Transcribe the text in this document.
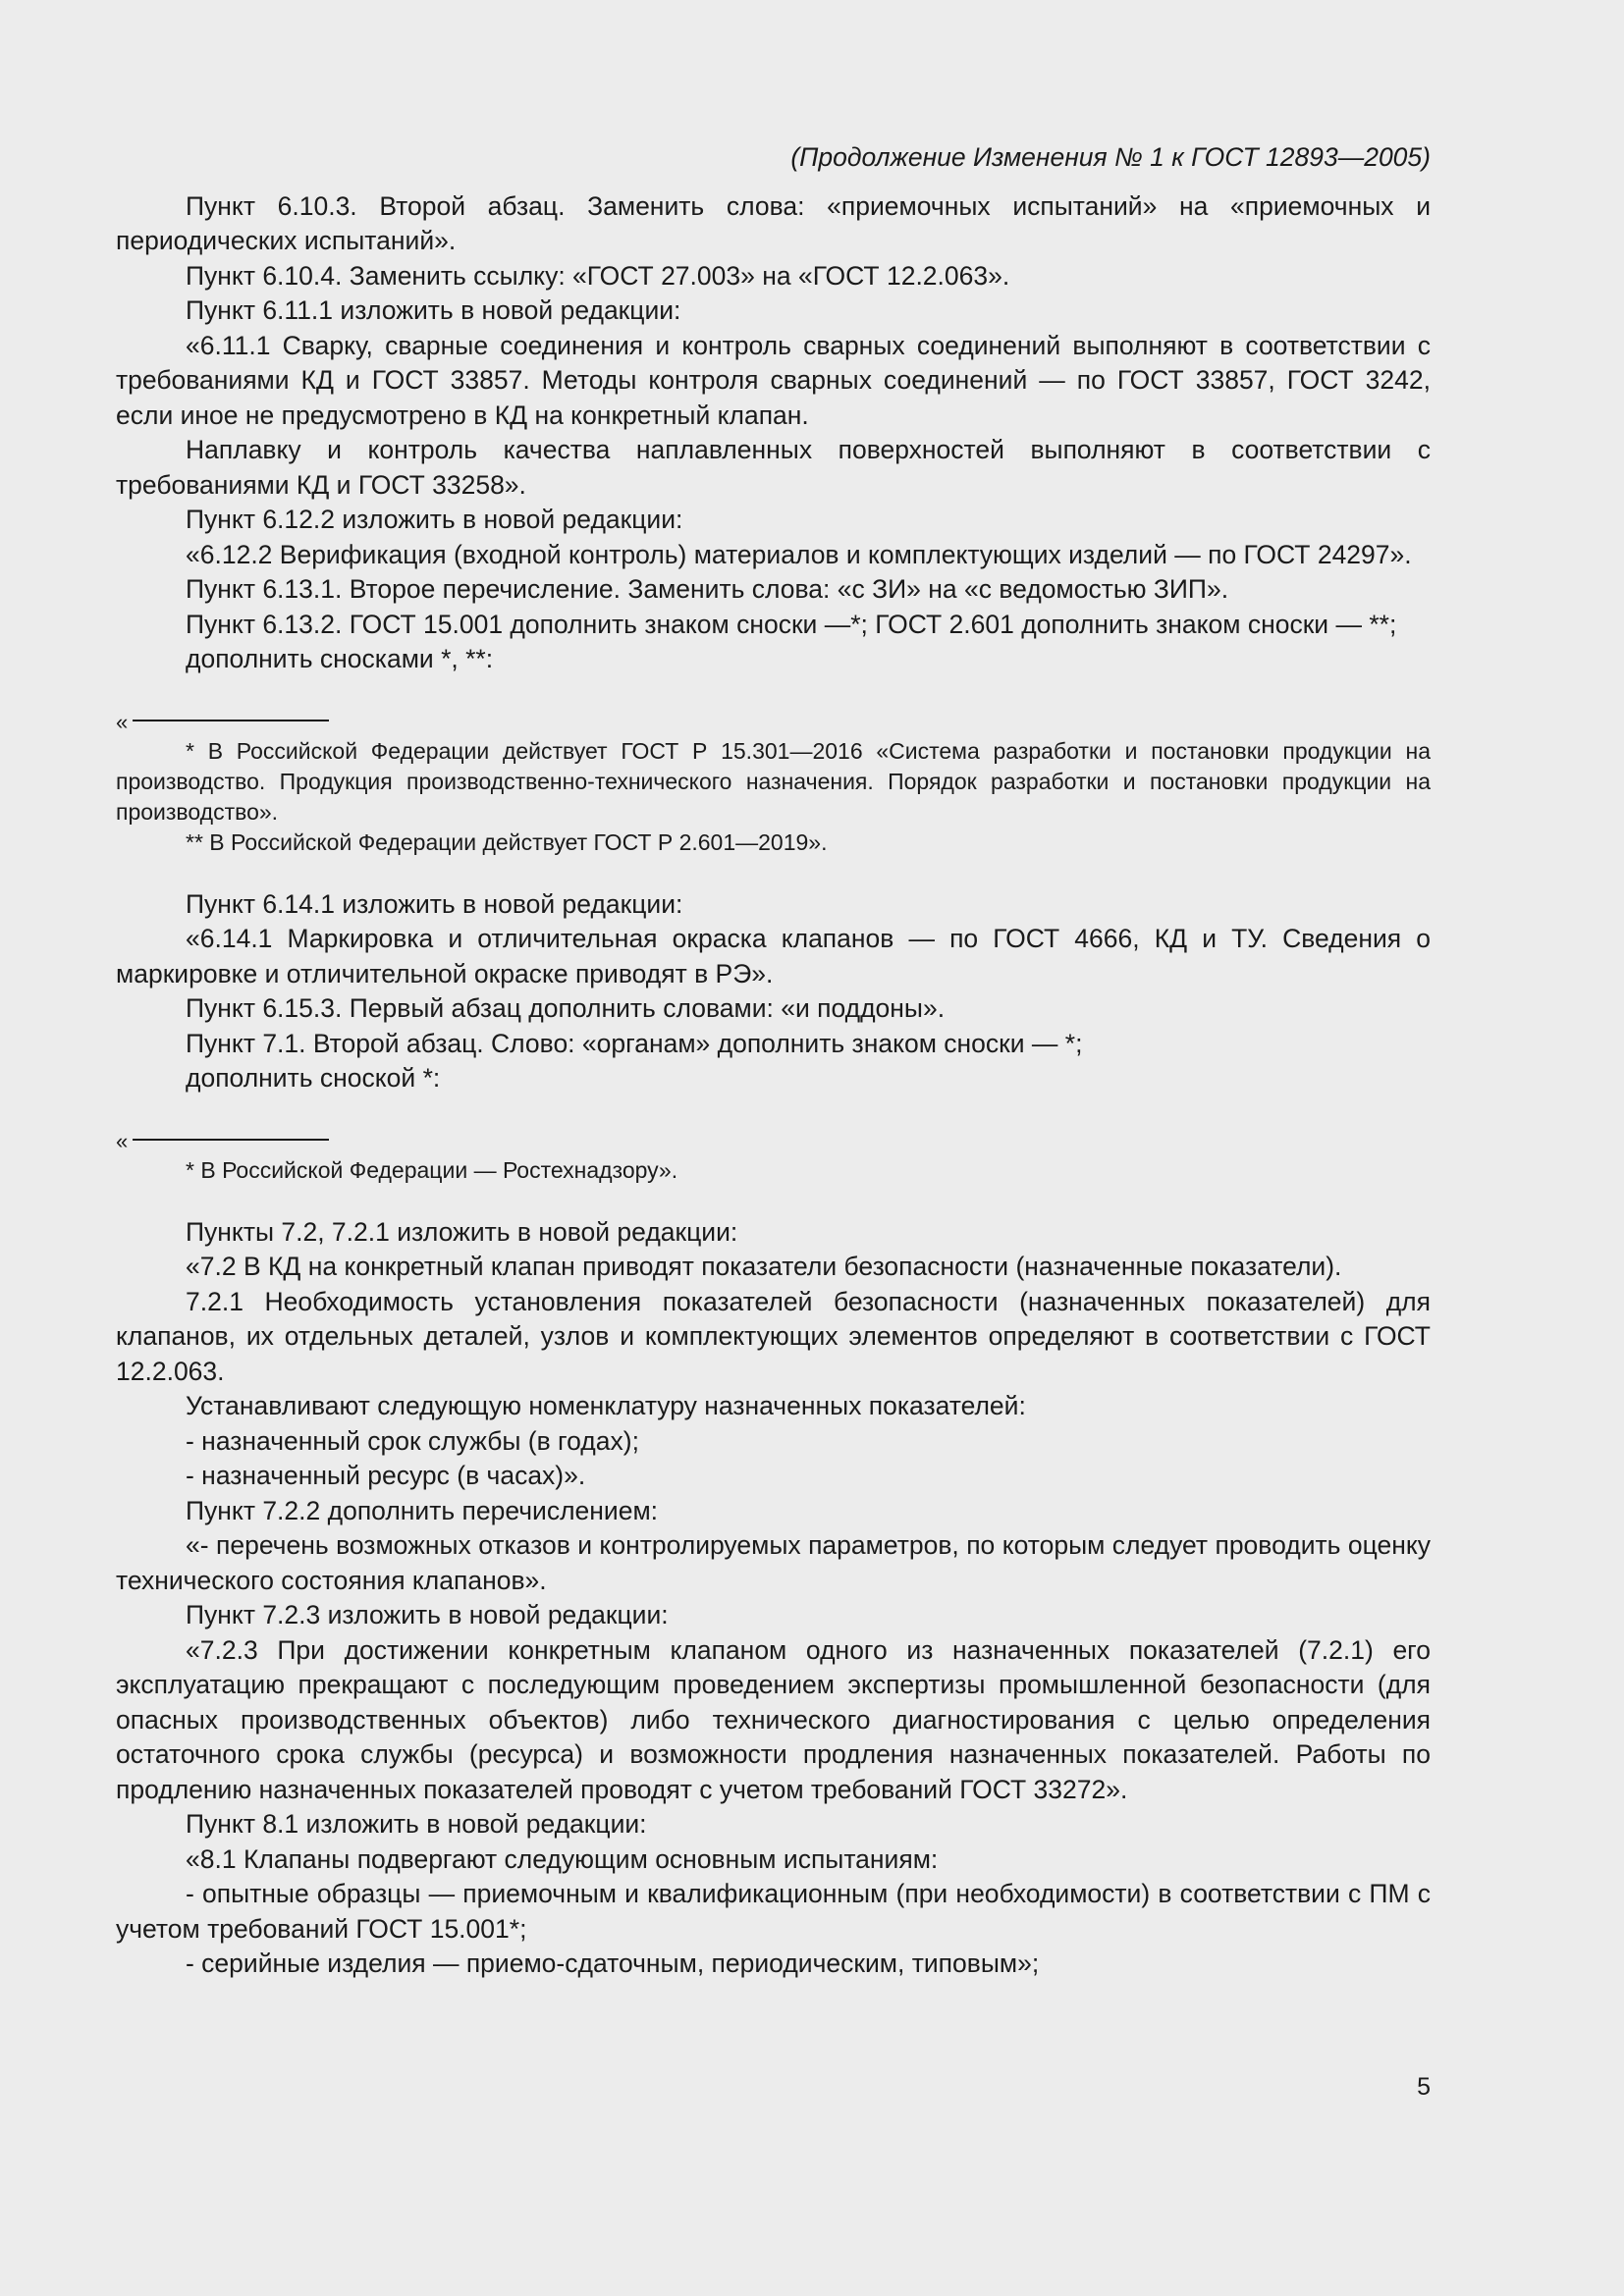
(Продолжение Изменения № 1 к ГОСТ 12893—2005)

Пункт 6.10.3. Второй абзац. Заменить слова: «приемочных испытаний» на «приемочных и периодических испытаний».

Пункт 6.10.4. Заменить ссылку: «ГОСТ 27.003» на «ГОСТ 12.2.063».

Пункт 6.11.1 изложить в новой редакции:

«6.11.1 Сварку, сварные соединения и контроль сварных соединений выполняют в соответствии с требованиями КД и ГОСТ 33857. Методы контроля сварных соединений — по ГОСТ 33857, ГОСТ 3242, если иное не предусмотрено в КД на конкретный клапан.

Наплавку и контроль качества наплавленных поверхностей выполняют в соответствии с требованиями КД и ГОСТ 33258».

Пункт 6.12.2 изложить в новой редакции:

«6.12.2 Верификация (входной контроль) материалов и комплектующих изделий — по ГОСТ 24297».

Пункт 6.13.1. Второе перечисление. Заменить слова: «с ЗИ» на «с ведомостью ЗИП».

Пункт 6.13.2. ГОСТ 15.001 дополнить знаком сноски —*; ГОСТ 2.601 дополнить знаком сноски — **;

дополнить сносками *, **:

«

* В Российской Федерации действует ГОСТ Р 15.301—2016 «Система разработки и постановки продукции на производство. Продукция производственно-технического назначения. Порядок разработки и постановки продукции на производство».

** В Российской Федерации действует ГОСТ Р 2.601—2019».

Пункт 6.14.1 изложить в новой редакции:

«6.14.1 Маркировка и отличительная окраска клапанов — по ГОСТ 4666, КД и ТУ. Сведения о маркировке и отличительной окраске приводят в РЭ».

Пункт 6.15.3. Первый абзац дополнить словами: «и поддоны».

Пункт 7.1. Второй абзац. Слово: «органам» дополнить знаком сноски — *;

дополнить сноской *:

«

* В Российской Федерации — Ростехнадзору».

Пункты 7.2, 7.2.1 изложить в новой редакции:

«7.2 В КД на конкретный клапан приводят показатели безопасности (назначенные показатели).

7.2.1 Необходимость установления показателей безопасности (назначенных показателей) для клапанов, их отдельных деталей, узлов и комплектующих элементов определяют в соответствии с ГОСТ 12.2.063.

Устанавливают следующую номенклатуру назначенных показателей:

- назначенный срок службы (в годах);

- назначенный ресурс (в часах)».

Пункт 7.2.2 дополнить перечислением:

«- перечень возможных отказов и контролируемых параметров, по которым следует проводить оценку технического состояния клапанов».

Пункт 7.2.3 изложить в новой редакции:

«7.2.3 При достижении конкретным клапаном одного из назначенных показателей (7.2.1) его эксплуатацию прекращают с последующим проведением экспертизы промышленной безопасности (для опасных производственных объектов) либо технического диагностирования с целью определения остаточного срока службы (ресурса) и возможности продления назначенных показателей. Работы по продлению назначенных показателей проводят с учетом требований ГОСТ 33272».

Пункт 8.1 изложить в новой редакции:

«8.1 Клапаны подвергают следующим основным испытаниям:

- опытные образцы — приемочным и квалификационным (при необходимости) в соответствии с ПМ с учетом требований ГОСТ 15.001*;

- серийные изделия — приемо-сдаточным, периодическим, типовым»;

5
